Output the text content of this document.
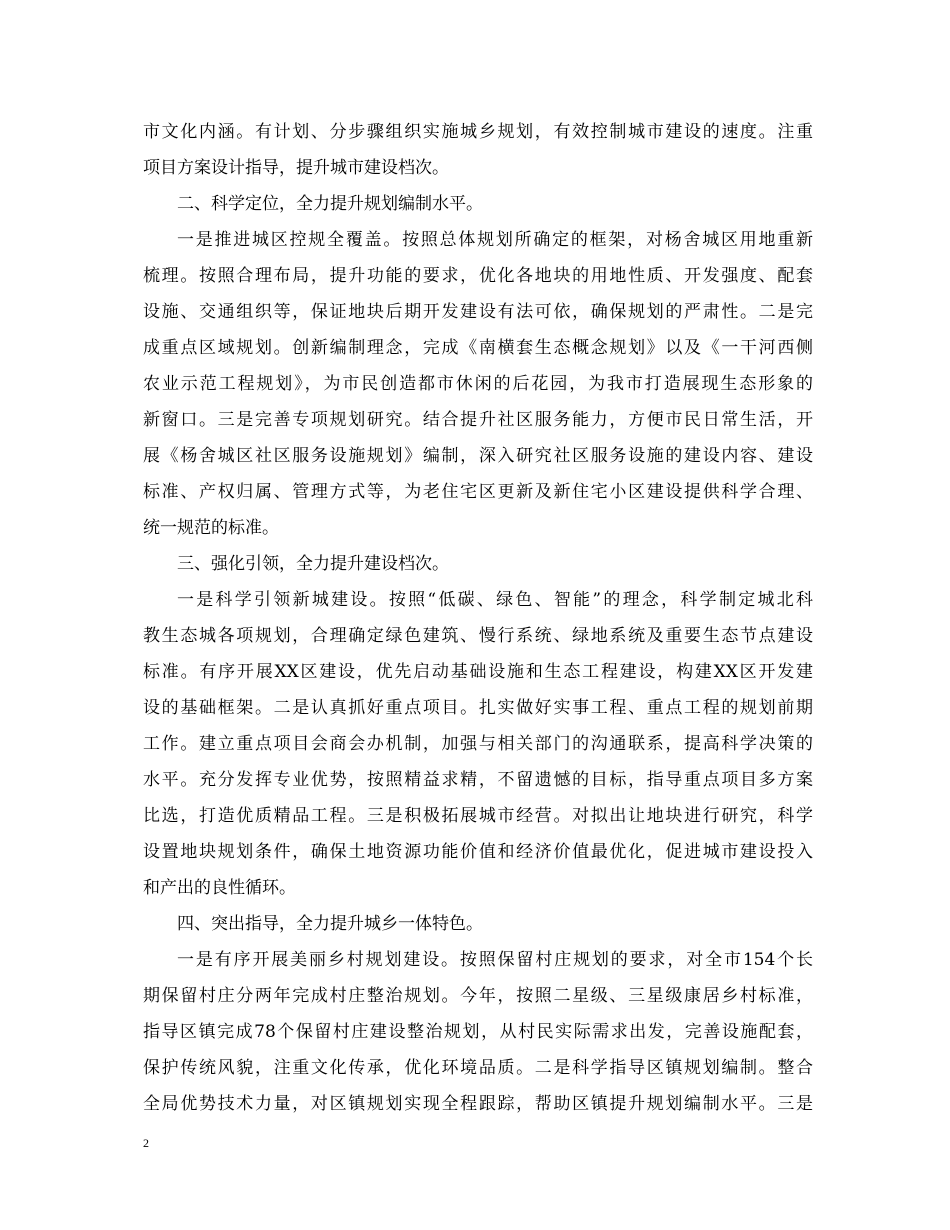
市文化内涵。有计划、分步骤组织实施城乡规划，有效控制城市建设的速度。注重
项目方案设计指导，提升城市建设档次。
二、科学定位，全力提升规划编制水平。
一是推进城区控规全覆盖。按照总体规划所确定的框架，对杨舍城区用地重新
梳理。按照合理布局，提升功能的要求，优化各地块的用地性质、开发强度、配套
设施、交通组织等，保证地块后期开发建设有法可依，确保规划的严肃性。二是完
成重点区域规划。创新编制理念，完成《南横套生态概念规划》以及《一干河西侧
农业示范工程规划》，为市民创造都市休闲的后花园，为我市打造展现生态形象的
新窗口。三是完善专项规划研究。结合提升社区服务能力，方便市民日常生活，开
展《杨舍城区社区服务设施规划》编制，深入研究社区服务设施的建设内容、建设
标准、产权归属、管理方式等，为老住宅区更新及新住宅小区建设提供科学合理、
统一规范的标准。
三、强化引领，全力提升建设档次。
一是科学引领新城建设。按照“低碳、绿色、智能”的理念，科学制定城北科
教生态城各项规划，合理确定绿色建筑、慢行系统、绿地系统及重要生态节点建设
标准。有序开展XX区建设，优先启动基础设施和生态工程建设，构建XX区开发建
设的基础框架。二是认真抓好重点项目。扎实做好实事工程、重点工程的规划前期
工作。建立重点项目会商会办机制，加强与相关部门的沟通联系，提高科学决策的
水平。充分发挥专业优势，按照精益求精，不留遗憾的目标，指导重点项目多方案
比选，打造优质精品工程。三是积极拓展城市经营。对拟出让地块进行研究，科学
设置地块规划条件，确保土地资源功能价值和经济价值最优化，促进城市建设投入
和产出的良性循环。
四、突出指导，全力提升城乡一体特色。
一是有序开展美丽乡村规划建设。按照保留村庄规划的要求，对全市154个长
期保留村庄分两年完成村庄整治规划。今年，按照二星级、三星级康居乡村标准，
指导区镇完成78个保留村庄建设整治规划，从村民实际需求出发，完善设施配套，
保护传统风貌，注重文化传承，优化环境品质。二是科学指导区镇规划编制。整合
全局优势技术力量，对区镇规划实现全程跟踪，帮助区镇提升规划编制水平。三是
2
